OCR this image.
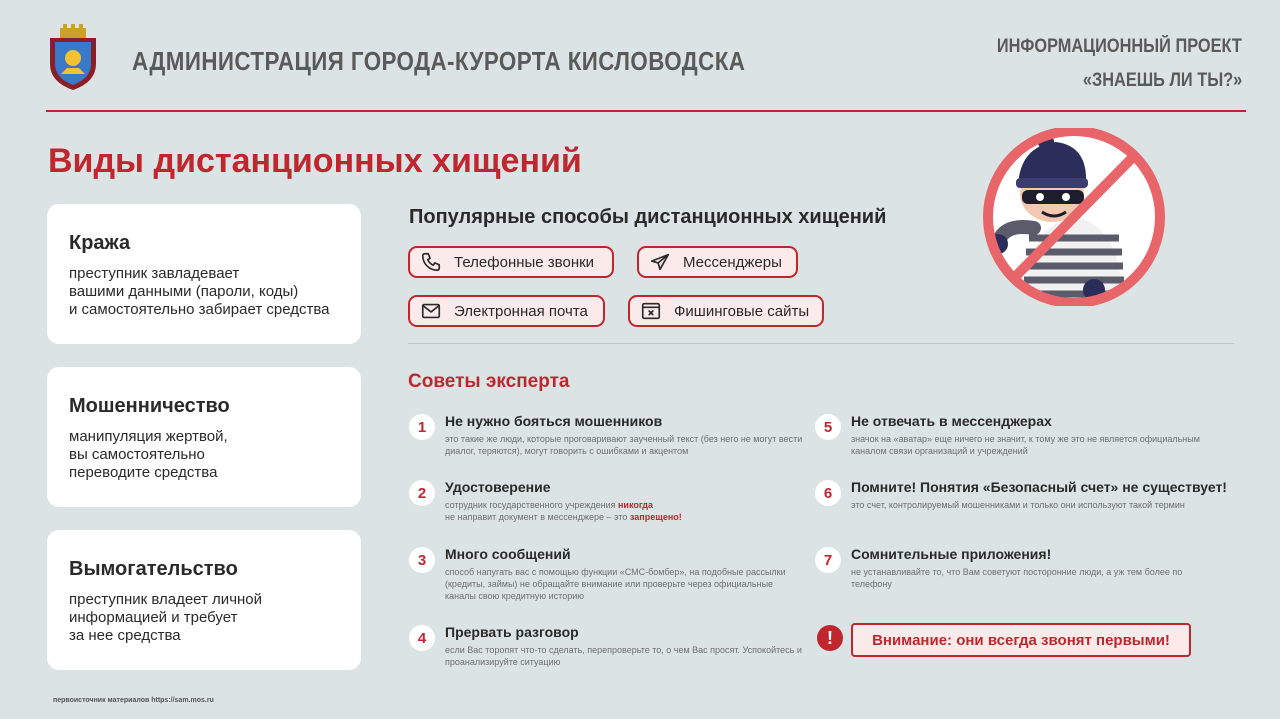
АДМИНИСТРАЦИЯ ГОРОДА-КУРОРТА КИСЛОВОДСКА	ИНФОРМАЦИОННЫЙ ПРОЕКТ
«ЗНАЕШЬ ЛИ ТЫ?»
Виды дистанционных хищений
Кража

преступник завладевает
вашими данными (пароли, коды)
и самостоятельно забирает средства

Мошенничество

манипуляция жертвой,
вы самостоятельно
переводите средства

Вымогательство

преступник владеет личной
информацией и требует
за нее средства

Популярные способы дистанционных хищений
Телефонные звонки	Мессенджеры
Электронная почта	Фишинговые сайты
Советы эксперта
1	Не нужно бояться мошенников
это такие же люди, которые проговаривают заученный текст (без него не могут вести диалог, теряются), могут говорить с ошибками и акцентом
2	Удостоверение
сотрудник государственного учреждения никогда
не направит документ в мессенджере – это запрещено!
3	Много сообщений
способ напугать вас с помощью функции «СМС-бомбер», на подобные рассылки (кредиты, займы) не обращайте внимание или проверьте через официальные каналы свою кредитную историю
4	Прервать разговор
если Вас торопят что-то сделать, перепроверьте то, о чем Вас просят. Успокойтесь и проанализируйте ситуацию
5	Не отвечать в мессенджерах
значок на «аватар» еще ничего не значит, к тому же это не является официальным каналом связи организаций и учреждений
6	Помните! Понятия «Безопасный счет» не существует!
это счет, контролируемый мошенниками и только они используют такой термин
7	Сомнительные приложения!
не устанавливайте то, что Вам советуют посторонние люди, а уж тем более по телефону
!	Внимание: они всегда звонят первыми!
первоисточник материалов https://sam.mos.ru
